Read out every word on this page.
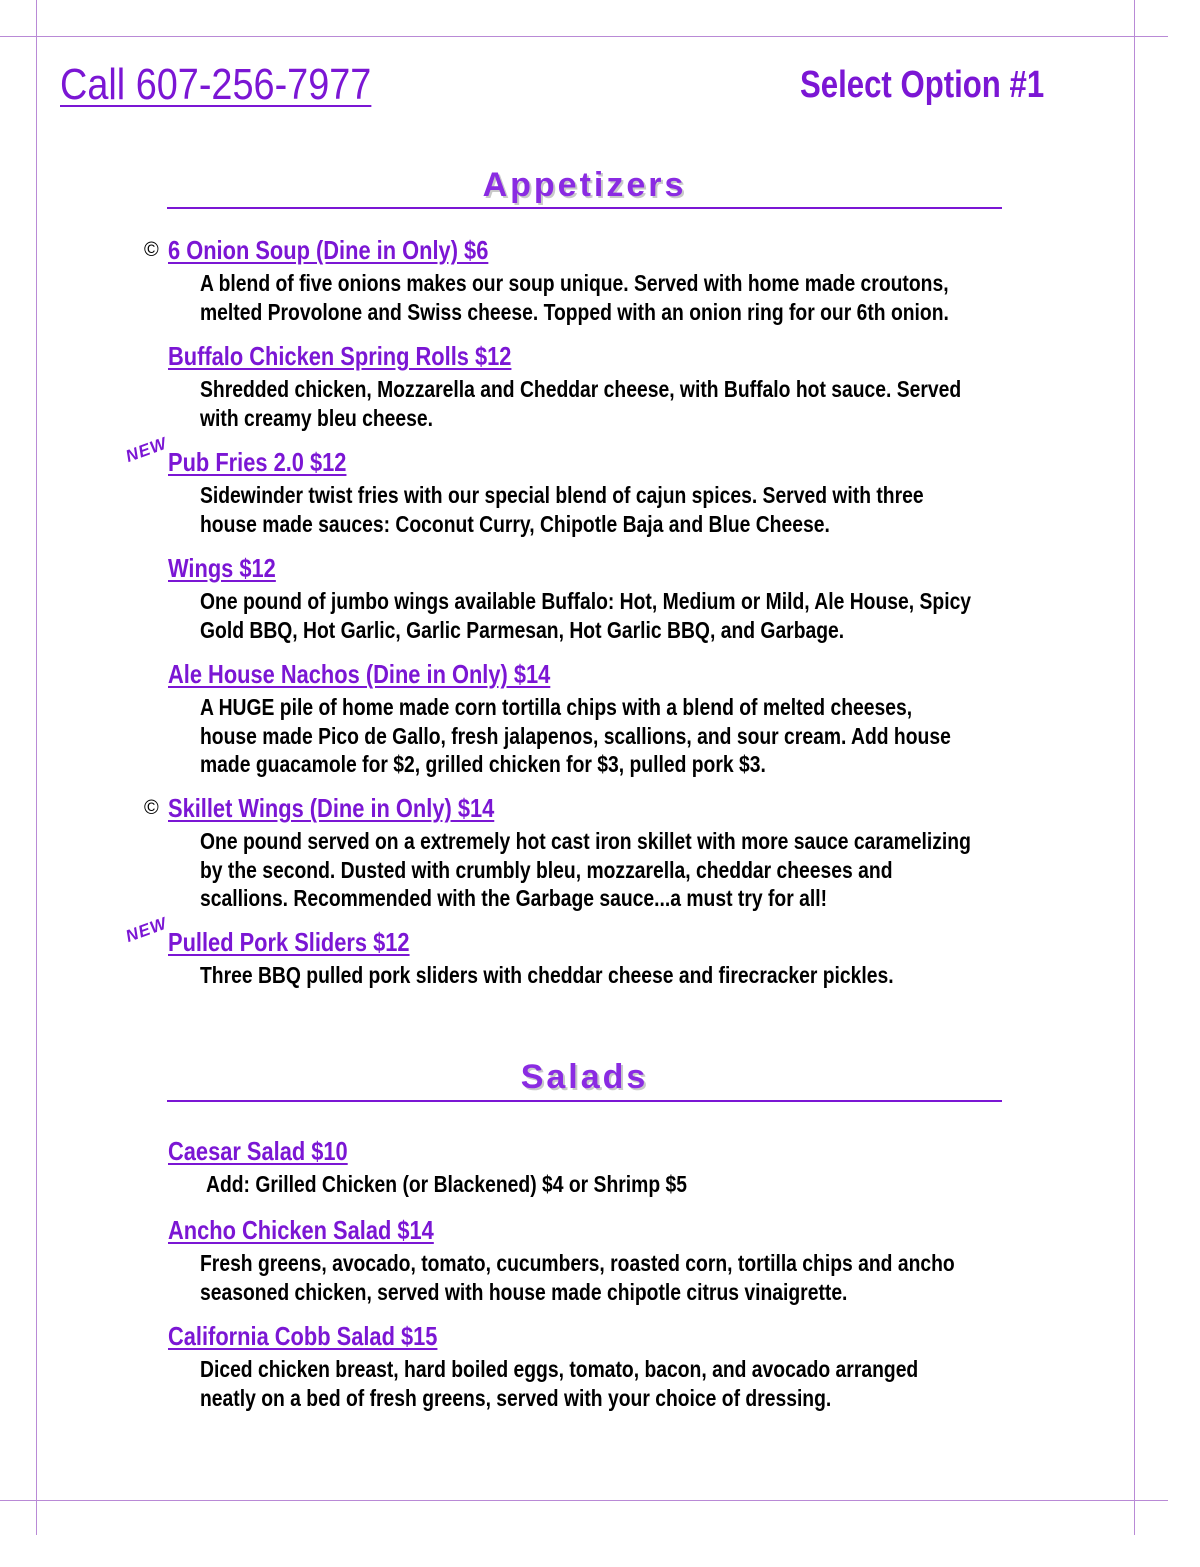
Call 607-256-7977	Select Option #1
Appetizers
© 6 Onion Soup (Dine in Only) $6
A blend of five onions makes our soup unique. Served with home made croutons,
melted Provolone and Swiss cheese. Topped with an onion ring for our 6th onion.
Buffalo Chicken Spring Rolls $12
Shredded chicken, Mozzarella and Cheddar cheese, with Buffalo hot sauce. Served
with creamy bleu cheese.
NEW
Pub Fries 2.0 $12
Sidewinder twist fries with our special blend of cajun spices. Served with three
house made sauces: Coconut Curry, Chipotle Baja and Blue Cheese.
Wings $12
One pound of jumbo wings available Buffalo: Hot, Medium or Mild, Ale House, Spicy
Gold BBQ, Hot Garlic, Garlic Parmesan, Hot Garlic BBQ, and Garbage.
Ale House Nachos (Dine in Only) $14
A HUGE pile of home made corn tortilla chips with a blend of melted cheeses,
house made Pico de Gallo, fresh jalapenos, scallions, and sour cream. Add house
made guacamole for $2, grilled chicken for $3, pulled pork $3.
© Skillet Wings (Dine in Only) $14
One pound served on a extremely hot cast iron skillet with more sauce caramelizing
by the second. Dusted with crumbly bleu, mozzarella, cheddar cheeses and
scallions. Recommended with the Garbage sauce...a must try for all!
NEW
Pulled Pork Sliders $12
Three BBQ pulled pork sliders with cheddar cheese and firecracker pickles.
Salads
Caesar Salad $10
Add: Grilled Chicken (or Blackened) $4 or Shrimp $5
Ancho Chicken Salad $14
Fresh greens, avocado, tomato, cucumbers, roasted corn, tortilla chips and ancho
seasoned chicken, served with house made chipotle citrus vinaigrette.
California Cobb Salad $15
Diced chicken breast, hard boiled eggs, tomato, bacon, and avocado arranged
neatly on a bed of fresh greens, served with your choice of dressing.
